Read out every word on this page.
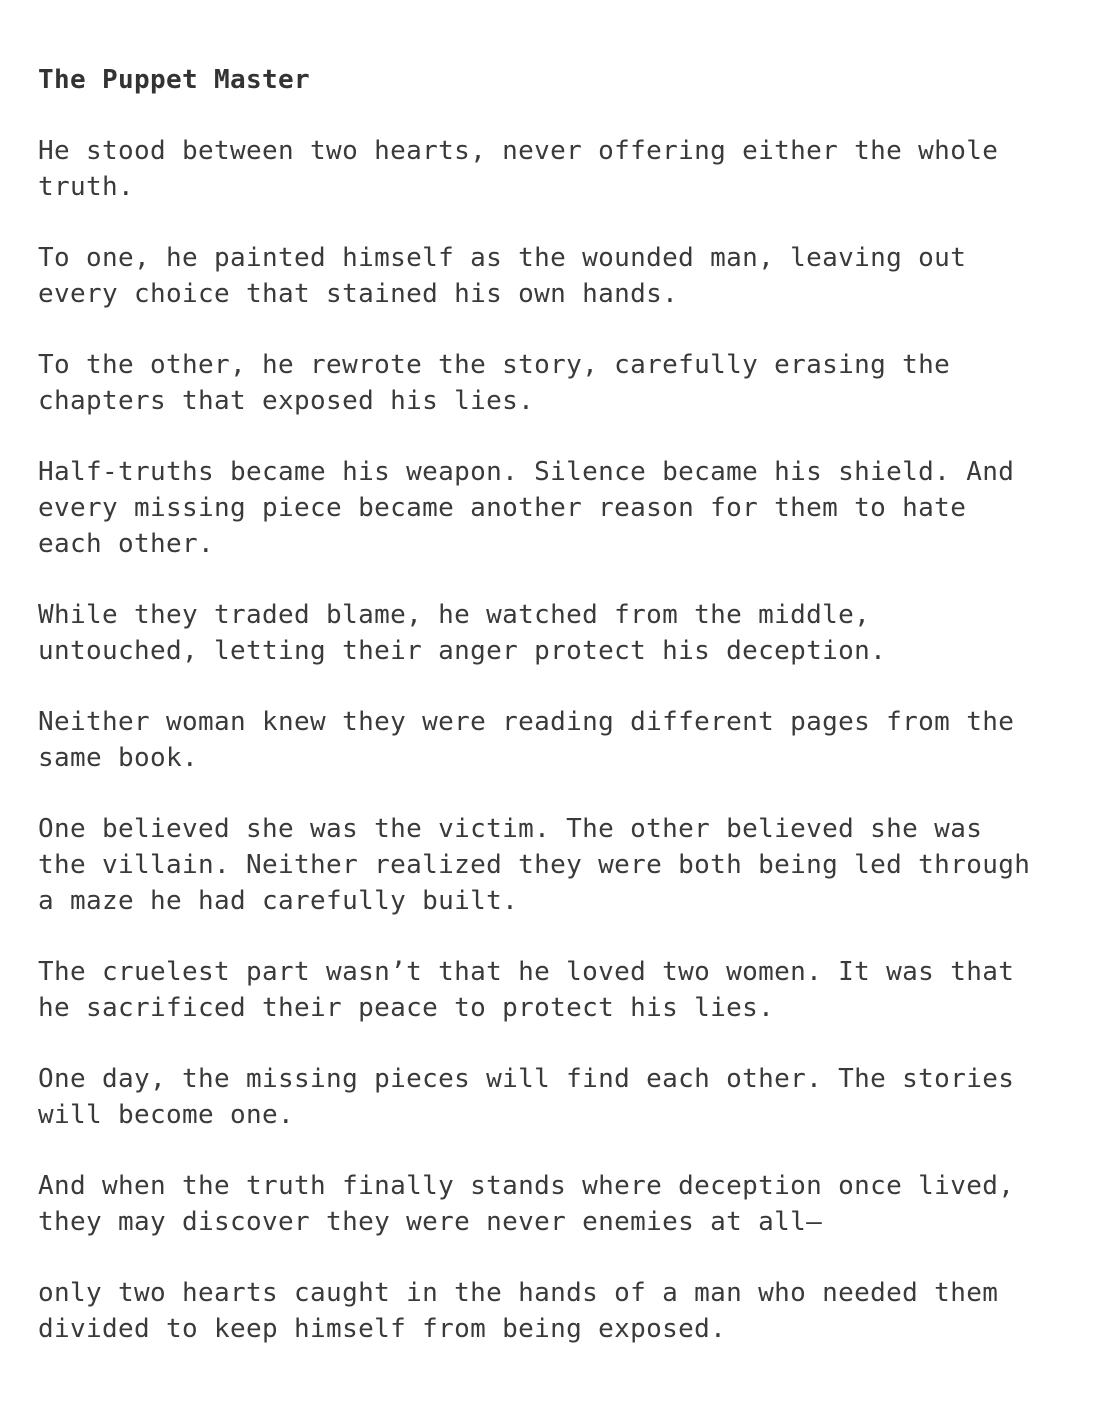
The Puppet Master
He stood between two hearts, never offering either the whole
truth.
To one, he painted himself as the wounded man, leaving out
every choice that stained his own hands.
To the other, he rewrote the story, carefully erasing the
chapters that exposed his lies.
Half-truths became his weapon. Silence became his shield. And
every missing piece became another reason for them to hate
each other.
While they traded blame, he watched from the middle,
untouched, letting their anger protect his deception.
Neither woman knew they were reading different pages from the
same book.
One believed she was the victim. The other believed she was
the villain. Neither realized they were both being led through
a maze he had carefully built.
The cruelest part wasn’t that he loved two women. It was that
he sacrificed their peace to protect his lies.
One day, the missing pieces will find each other. The stories
will become one.
And when the truth finally stands where deception once lived,
they may discover they were never enemies at all—
only two hearts caught in the hands of a man who needed them
divided to keep himself from being exposed.
